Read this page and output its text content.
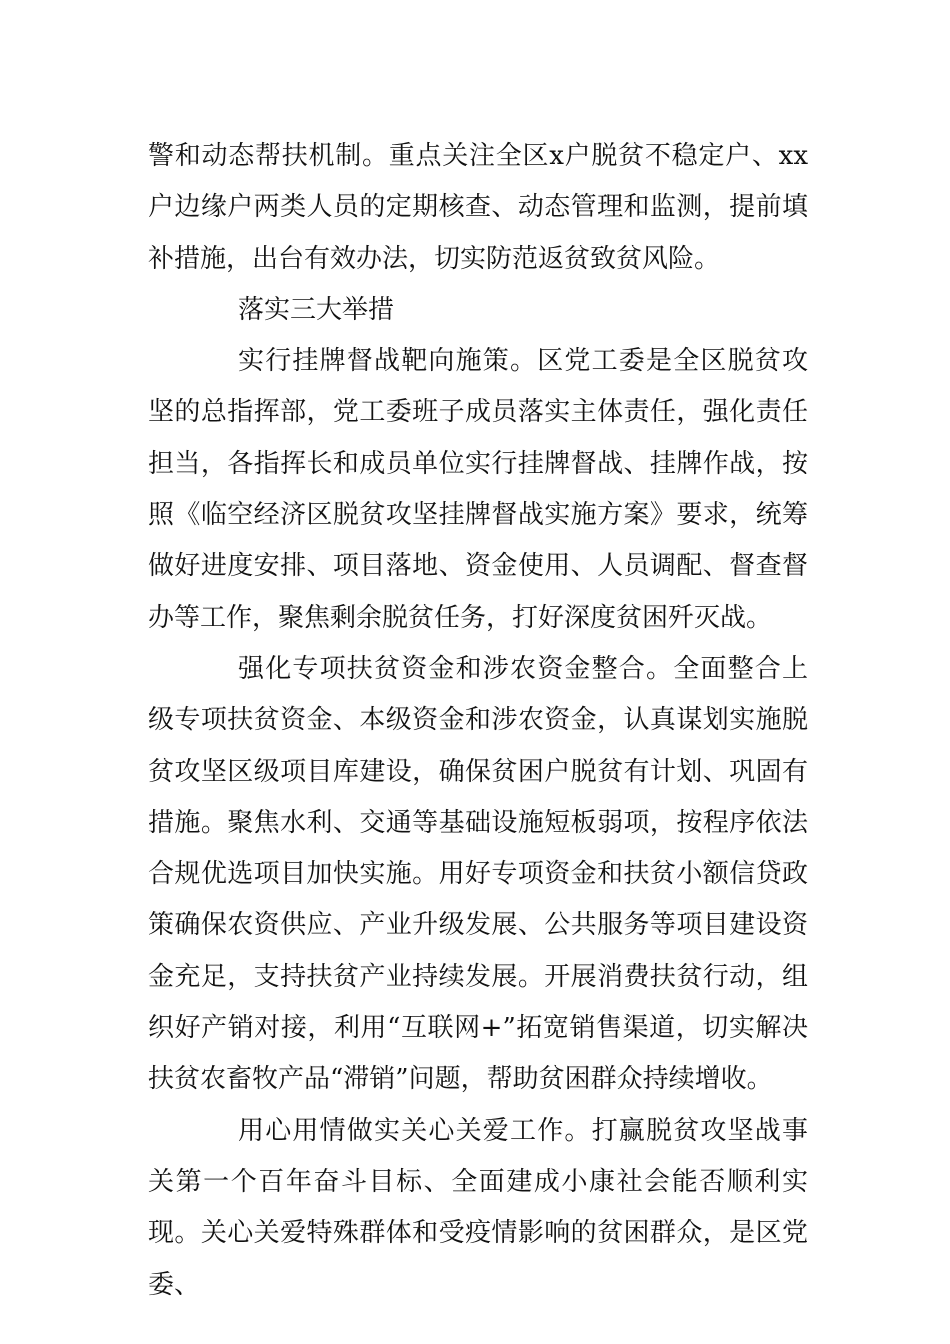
警和动态帮扶机制。重点关注全区x户脱贫不稳定户、xx户边缘户两类人员的定期核查、动态管理和监测，提前填补措施，出台有效办法，切实防范返贫致贫风险。

落实三大举措

实行挂牌督战靶向施策。区党工委是全区脱贫攻坚的总指挥部，党工委班子成员落实主体责任，强化责任担当，各指挥长和成员单位实行挂牌督战、挂牌作战，按照《临空经济区脱贫攻坚挂牌督战实施方案》要求，统筹做好进度安排、项目落地、资金使用、人员调配、督查督办等工作，聚焦剩余脱贫任务，打好深度贫困歼灭战。

强化专项扶贫资金和涉农资金整合。全面整合上级专项扶贫资金、本级资金和涉农资金，认真谋划实施脱贫攻坚区级项目库建设，确保贫困户脱贫有计划、巩固有措施。聚焦水利、交通等基础设施短板弱项，按程序依法合规优选项目加快实施。用好专项资金和扶贫小额信贷政策确保农资供应、产业升级发展、公共服务等项目建设资金充足，支持扶贫产业持续发展。开展消费扶贫行动，组织好产销对接，利用“互联网+”拓宽销售渠道，切实解决扶贫农畜牧产品“滞销”问题，帮助贫困群众持续增收。

用心用情做实关心关爱工作。打赢脱贫攻坚战事关第一个百年奋斗目标、全面建成小康社会能否顺利实现。关心关爱特殊群体和受疫情影响的贫困群众，是区党委、
